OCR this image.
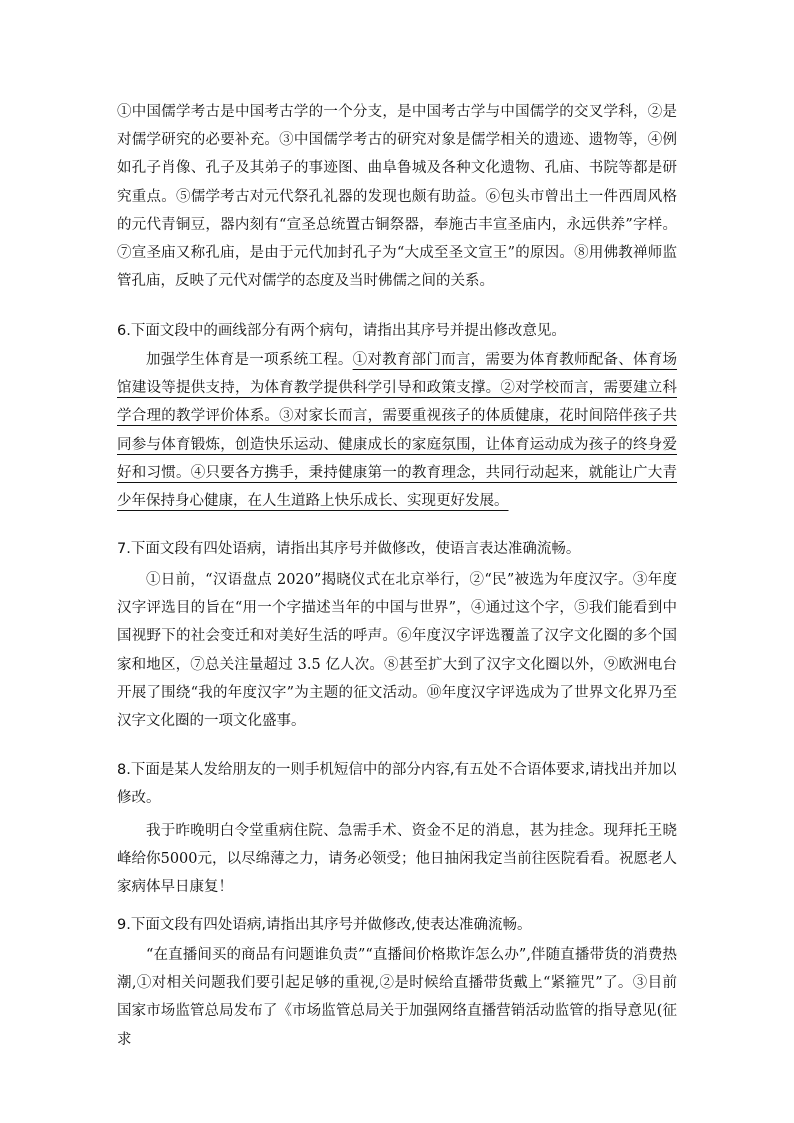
①中国儒学考古是中国考古学的一个分支，是中国考古学与中国儒学的交叉学科，②是对儒学研究的必要补充。③中国儒学考古的研究对象是儒学相关的遗迹、遗物等，④例如孔子肖像、孔子及其弟子的事迹图、曲阜鲁城及各种文化遗物、孔庙、书院等都是研究重点。⑤儒学考古对元代祭孔礼器的发现也颇有助益。⑥包头市曾出土一件西周风格的元代青铜豆，器内刻有“宣圣总统置古铜祭器，奉施古丰宣圣庙内，永远供养”字样。⑦宣圣庙又称孔庙，是由于元代加封孔子为“大成至圣文宣王”的原因。⑧用佛教禅师监管孔庙，反映了元代对儒学的态度及当时佛儒之间的关系。

6.下面文段中的画线部分有两个病句，请指出其序号并提出修改意见。

加强学生体育是一项系统工程。①对教育部门而言，需要为体育教师配备、体育场馆建设等提供支持，为体育教学提供科学引导和政策支撑。②对学校而言，需要建立科学合理的教学评价体系。③对家长而言，需要重视孩子的体质健康，花时间陪伴孩子共同参与体育锻炼，创造快乐运动、健康成长的家庭氛围，让体育运动成为孩子的终身爱好和习惯。④只要各方携手，秉持健康第一的教育理念，共同行动起来，就能让广大青少年保持身心健康，在人生道路上快乐成长、实现更好发展。

7.下面文段有四处语病，请指出其序号并做修改，使语言表达准确流畅。

①日前，“汉语盘点 2020”揭晓仪式在北京举行，②“民”被选为年度汉字。③年度汉字评选目的旨在“用一个字描述当年的中国与世界”，④通过这个字，⑤我们能看到中国视野下的社会变迁和对美好生活的呼声。⑥年度汉字评选覆盖了汉字文化圈的多个国家和地区，⑦总关注量超过 3.5 亿人次。⑧甚至扩大到了汉字文化圈以外，⑨欧洲电台开展了围绕“我的年度汉字”为主题的征文活动。⑩年度汉字评选成为了世界文化界乃至汉字文化圈的一项文化盛事。

8.下面是某人发给朋友的一则手机短信中的部分内容,有五处不合语体要求,请找出并加以修改。

我于昨晚明白令堂重病住院、急需手术、资金不足的消息，甚为挂念。现拜托王晓峰给你5000元，以尽绵薄之力，请务必领受；他日抽闲我定当前往医院看看。祝愿老人家病体早日康复！

9.下面文段有四处语病,请指出其序号并做修改,使表达准确流畅。

“在直播间买的商品有问题谁负责”“直播间价格欺诈怎么办”,伴随直播带货的消费热潮,①对相关问题我们要引起足够的重视,②是时候给直播带货戴上“紧箍咒”了。③目前国家市场监管总局发布了《市场监管总局关于加强网络直播营销活动监管的指导意见(征求
